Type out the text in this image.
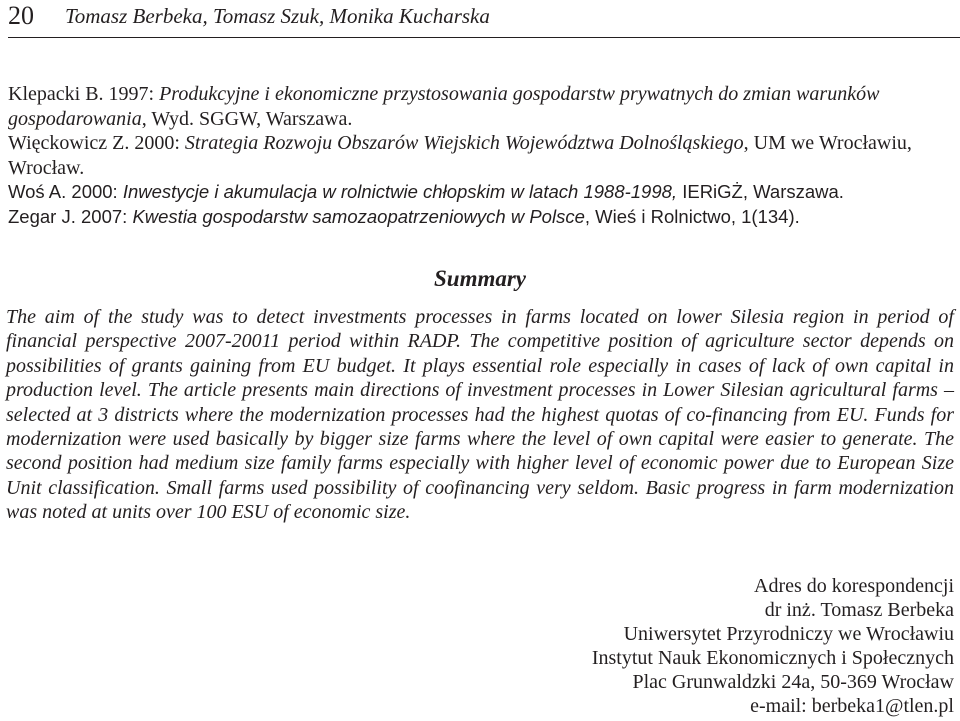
20 Tomasz Berbeka, Tomasz Szuk, Monika Kucharska
Klepacki B. 1997: Produkcyjne i ekonomiczne przystosowania gospodarstw prywatnych do zmian warunków gospodarowania, Wyd. SGGW, Warszawa.
Więckowicz Z. 2000: Strategia Rozwoju Obszarów Wiejskich Województwa Dolnośląskiego, UM we Wrocławiu, Wrocław.
Woś A. 2000: Inwestycje i akumulacja w rolnictwie chłopskim w latach 1988-1998, IERiGŻ, Warszawa.
Zegar J. 2007: Kwestia gospodarstw samozaopatrzeniowych w Polsce, Wieś i Rolnictwo, 1(134).
Summary

The aim of the study was to detect investments processes in farms located on lower Silesia region in period of financial perspective 2007-20011 period within RADP. The competitive position of agriculture sector depends on possibilities of grants gaining from EU budget. It plays essential role especially in cases of lack of own capital in production level. The article presents main directions of investment processes in Lower Silesian agricultural farms – selected at 3 districts where the modernization processes had the highest quotas of co-financing from EU. Funds for modernization were used basically by bigger size farms where the level of own capital were easier to generate. The second position had medium size family farms especially with higher level of economic power due to European Size Unit classification. Small farms used possibility of coofinancing very seldom. Basic progress in farm modernization was noted at units over 100 ESU of economic size.

Adres do korespondencji
dr inż. Tomasz Berbeka
Uniwersytet Przyrodniczy we Wrocławiu
Instytut Nauk Ekonomicznych i Społecznych
Plac Grunwaldzki 24a, 50-369 Wrocław
e-mail: berbeka1@tlen.pl
